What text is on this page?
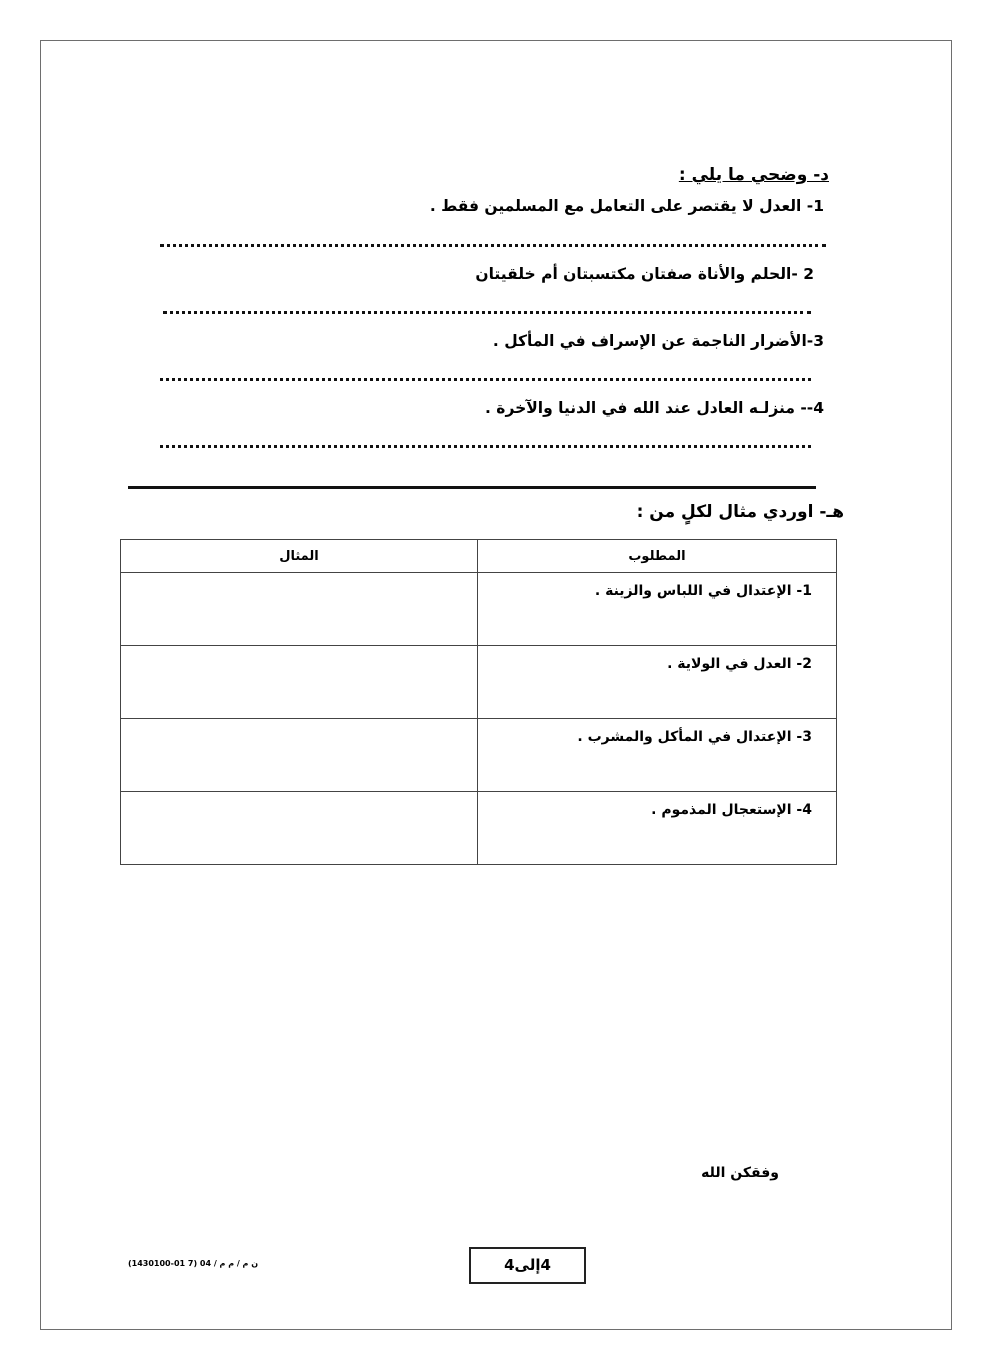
د- وضحي ما يلي :
1- العدل لا يقتصر على التعامل مع المسلمين فقط .
2 -الحلم والأناة صفتان مكتسبتان أم خلقيتان
3-الأضرار الناجمة عن الإسراف في المأكل .
4-- منزلـه العادل عند الله في الدنيا والآخرة .
هـ- اوردي مثال لكلٍ من :
المثال	المطلوب
	1- الإعتدال في اللباس والزينة .
	2- العدل في الولاية .
	3- الإعتدال في المأكل والمشرب .
	4- الإستعجال المذموم .
وفقكن الله
ن م / م م / 04 (7 01-1430100)	4إلى4
